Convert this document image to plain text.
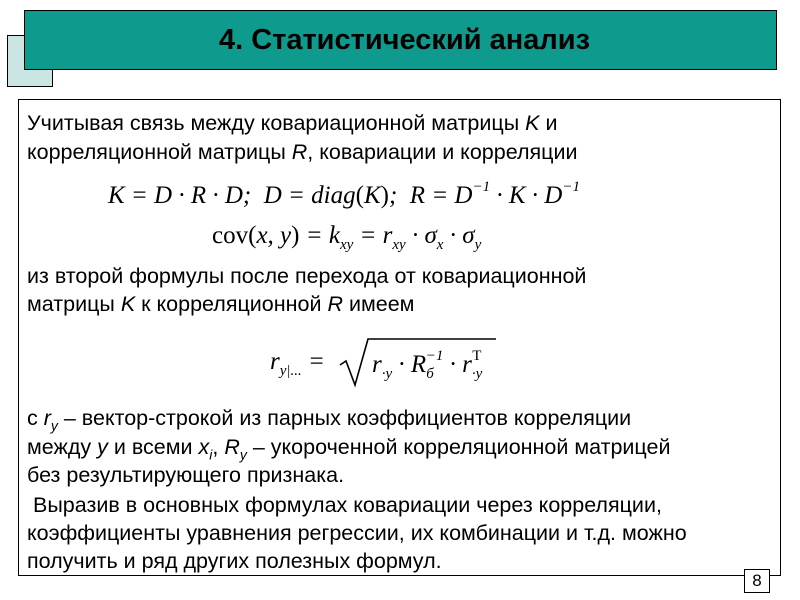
4. Статистический анализ
Учитывая связь между ковариационной матрицы K и
корреляционной матрицы R, ковариации и корреляции
K = D · R · D;  D = diag(K);  $R = D^{-1} \cdot K \cdot D^{-1}$
cov(x, $y) = k_{xy} = r_{xy} \cdot \sigma_x \cdot \sigma_y$
из второй формулы после перехода от ковариационной
матрицы K к корреляционной R имеем
$r_{y|...} = r_{\cdot y} \cdot R_б^{-1} \cdot r_{\cdot y}^T$
с $r_y$ – вектор-строкой из парных коэффициентов корреляции
между y и всеми $x_i$, $R_y$ – укороченной корреляционной матрицей
без результирующего признака.
Выразив в основных формулах ковариации через корреляции,
коэффициенты уравнения регрессии, их комбинации и т.д. можно
получить и ряд других полезных формул.
8
